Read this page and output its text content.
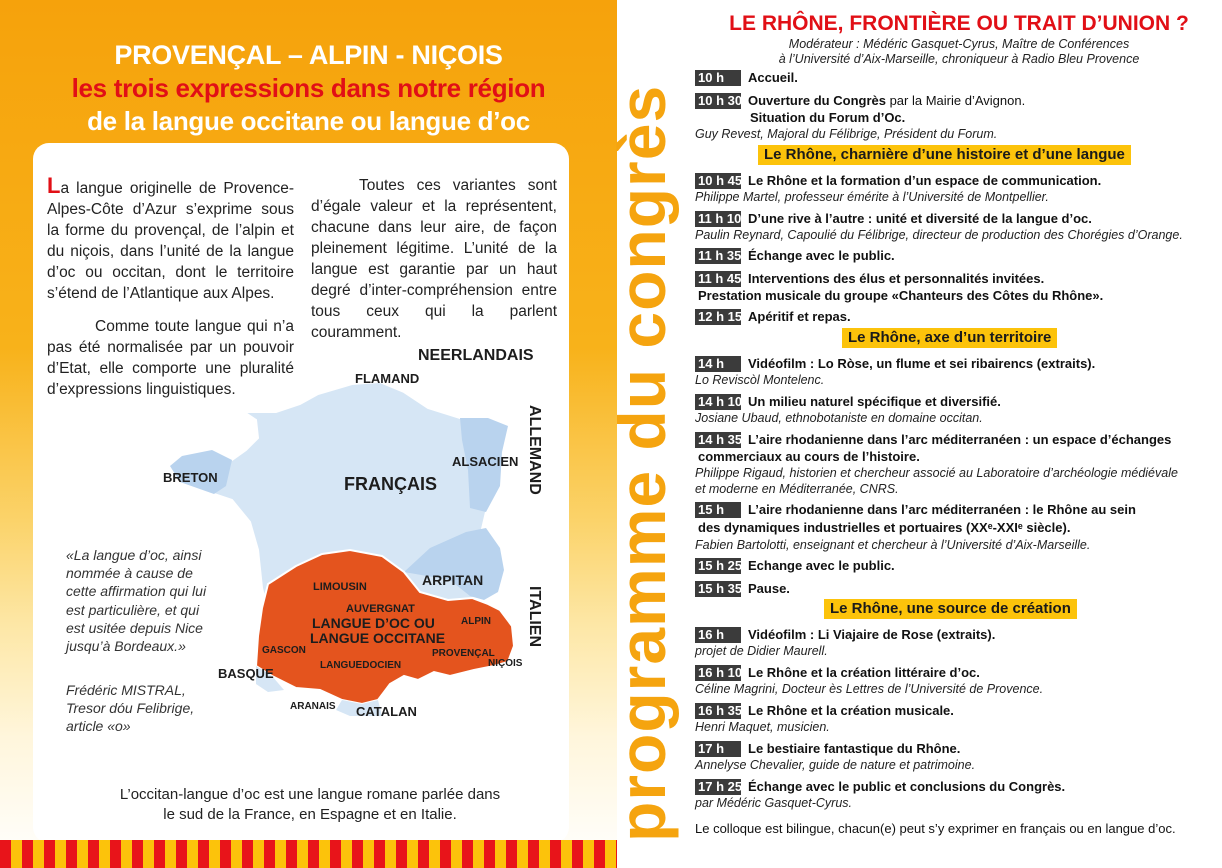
PROVENÇAL – ALPIN - NIÇOIS
les trois expressions dans notre région
de la langue occitane ou langue d’oc

La langue originelle de Provence-Alpes-Côte d’Azur s’exprime sous la forme du provençal, de l’alpin et du niçois, dans l’unité de la langue d’oc ou occitan, dont le territoire s’étend de l’Atlantique aux Alpes.

Comme toute langue qui n’a pas été normalisée par un pouvoir d’Etat, elle comporte une pluralité d’expressions linguistiques.

Toutes ces variantes sont d’égale valeur et la représentent, chacune dans leur aire, de façon pleinement légitime. L’unité de la langue est garantie par un haut degré d’inter-compréhension entre tous ceux qui la parlent couramment.

NEERLANDAIS
FLAMAND
ALLEMAND
ALSACIEN
BRETON	FRANÇAIS
ARPITAN
ITALIEN
LIMOUSIN
AUVERGNAT
LANGUE D’OC OU
LANGUE OCCITANE
ALPIN
GASCON
LANGUEDOCIEN
PROVENÇAL
NIÇOIS
BASQUE
ARANAIS CATALAN
«La langue d’oc, ainsi nommée à cause de cette affirmation qui lui est particulière, et qui est usitée depuis Nice jusqu’à Bordeaux.»
Frédéric MISTRAL, Tresor dóu Felibrige, article «o»
L’occitan-langue d’oc est une langue romane parlée dans
le sud de la France, en Espagne et en Italie.	programme du congrès
LE RHÔNE, FRONTIÈRE OU TRAIT D’UNION ?
Modérateur : Médéric Gasquet-Cyrus, Maître de Conférences
à l’Université d’Aix-Marseille, chroniqueur à Radio Bleu Provence
10 h Accueil.
10 h 30 Ouverture du Congrès par la Mairie d’Avignon.
Situation du Forum d’Oc.
Guy Revest, Majoral du Félibrige, Président du Forum.
Le Rhône, charnière d’une histoire et d’une langue
10 h 45 Le Rhône et la formation d’un espace de communication.
Philippe Martel, professeur émérite à l’Université de Montpellier.
11 h 10 D’une rive à l’autre : unité et diversité de la langue d’oc.
Paulin Reynard, Capoulié du Félibrige, directeur de production des Chorégies d’Orange.
11 h 35 Échange avec le public.
11 h 45 Interventions des élus et personnalités invitées.
Prestation musicale du groupe «Chanteurs des Côtes du Rhône».
12 h 15 Apéritif et repas.
Le Rhône, axe d’un territoire
14 h Vidéofilm : Lo Ròse, un flume et sei ribairencs (extraits).
Lo Reviscòl Montelenc.
14 h 10 Un milieu naturel spécifique et diversifié.
Josiane Ubaud, ethnobotaniste en domaine occitan.
14 h 35 L’aire rhodanienne dans l’arc méditerranéen : un espace d’échanges
commerciaux au cours de l’histoire.
Philippe Rigaud, historien et chercheur associé au Laboratoire d’archéologie médiévale
et moderne en Méditerranée, CNRS.
15 h L’aire rhodanienne dans l’arc méditerranéen : le Rhône au sein
des dynamiques industrielles et portuaires (XXᵉ-XXIᵉ siècle).
Fabien Bartolotti, enseignant et chercheur à l’Université d’Aix-Marseille.
15 h 25 Echange avec le public.
15 h 35 Pause.
Le Rhône, une source de création
16 h Vidéofilm : Li Viajaire de Rose (extraits).
projet de Didier Maurell.
16 h 10 Le Rhône et la création littéraire d’oc.
Céline Magrini, Docteur ès Lettres de l’Université de Provence.
16 h 35 Le Rhône et la création musicale.
Henri Maquet, musicien.
17 h Le bestiaire fantastique du Rhône.
Annelyse Chevalier, guide de nature et patrimoine.
17 h 25 Échange avec le public et conclusions du Congrès.
par Médéric Gasquet-Cyrus.
Le colloque est bilingue, chacun(e) peut s’y exprimer en français ou en langue d’oc.
